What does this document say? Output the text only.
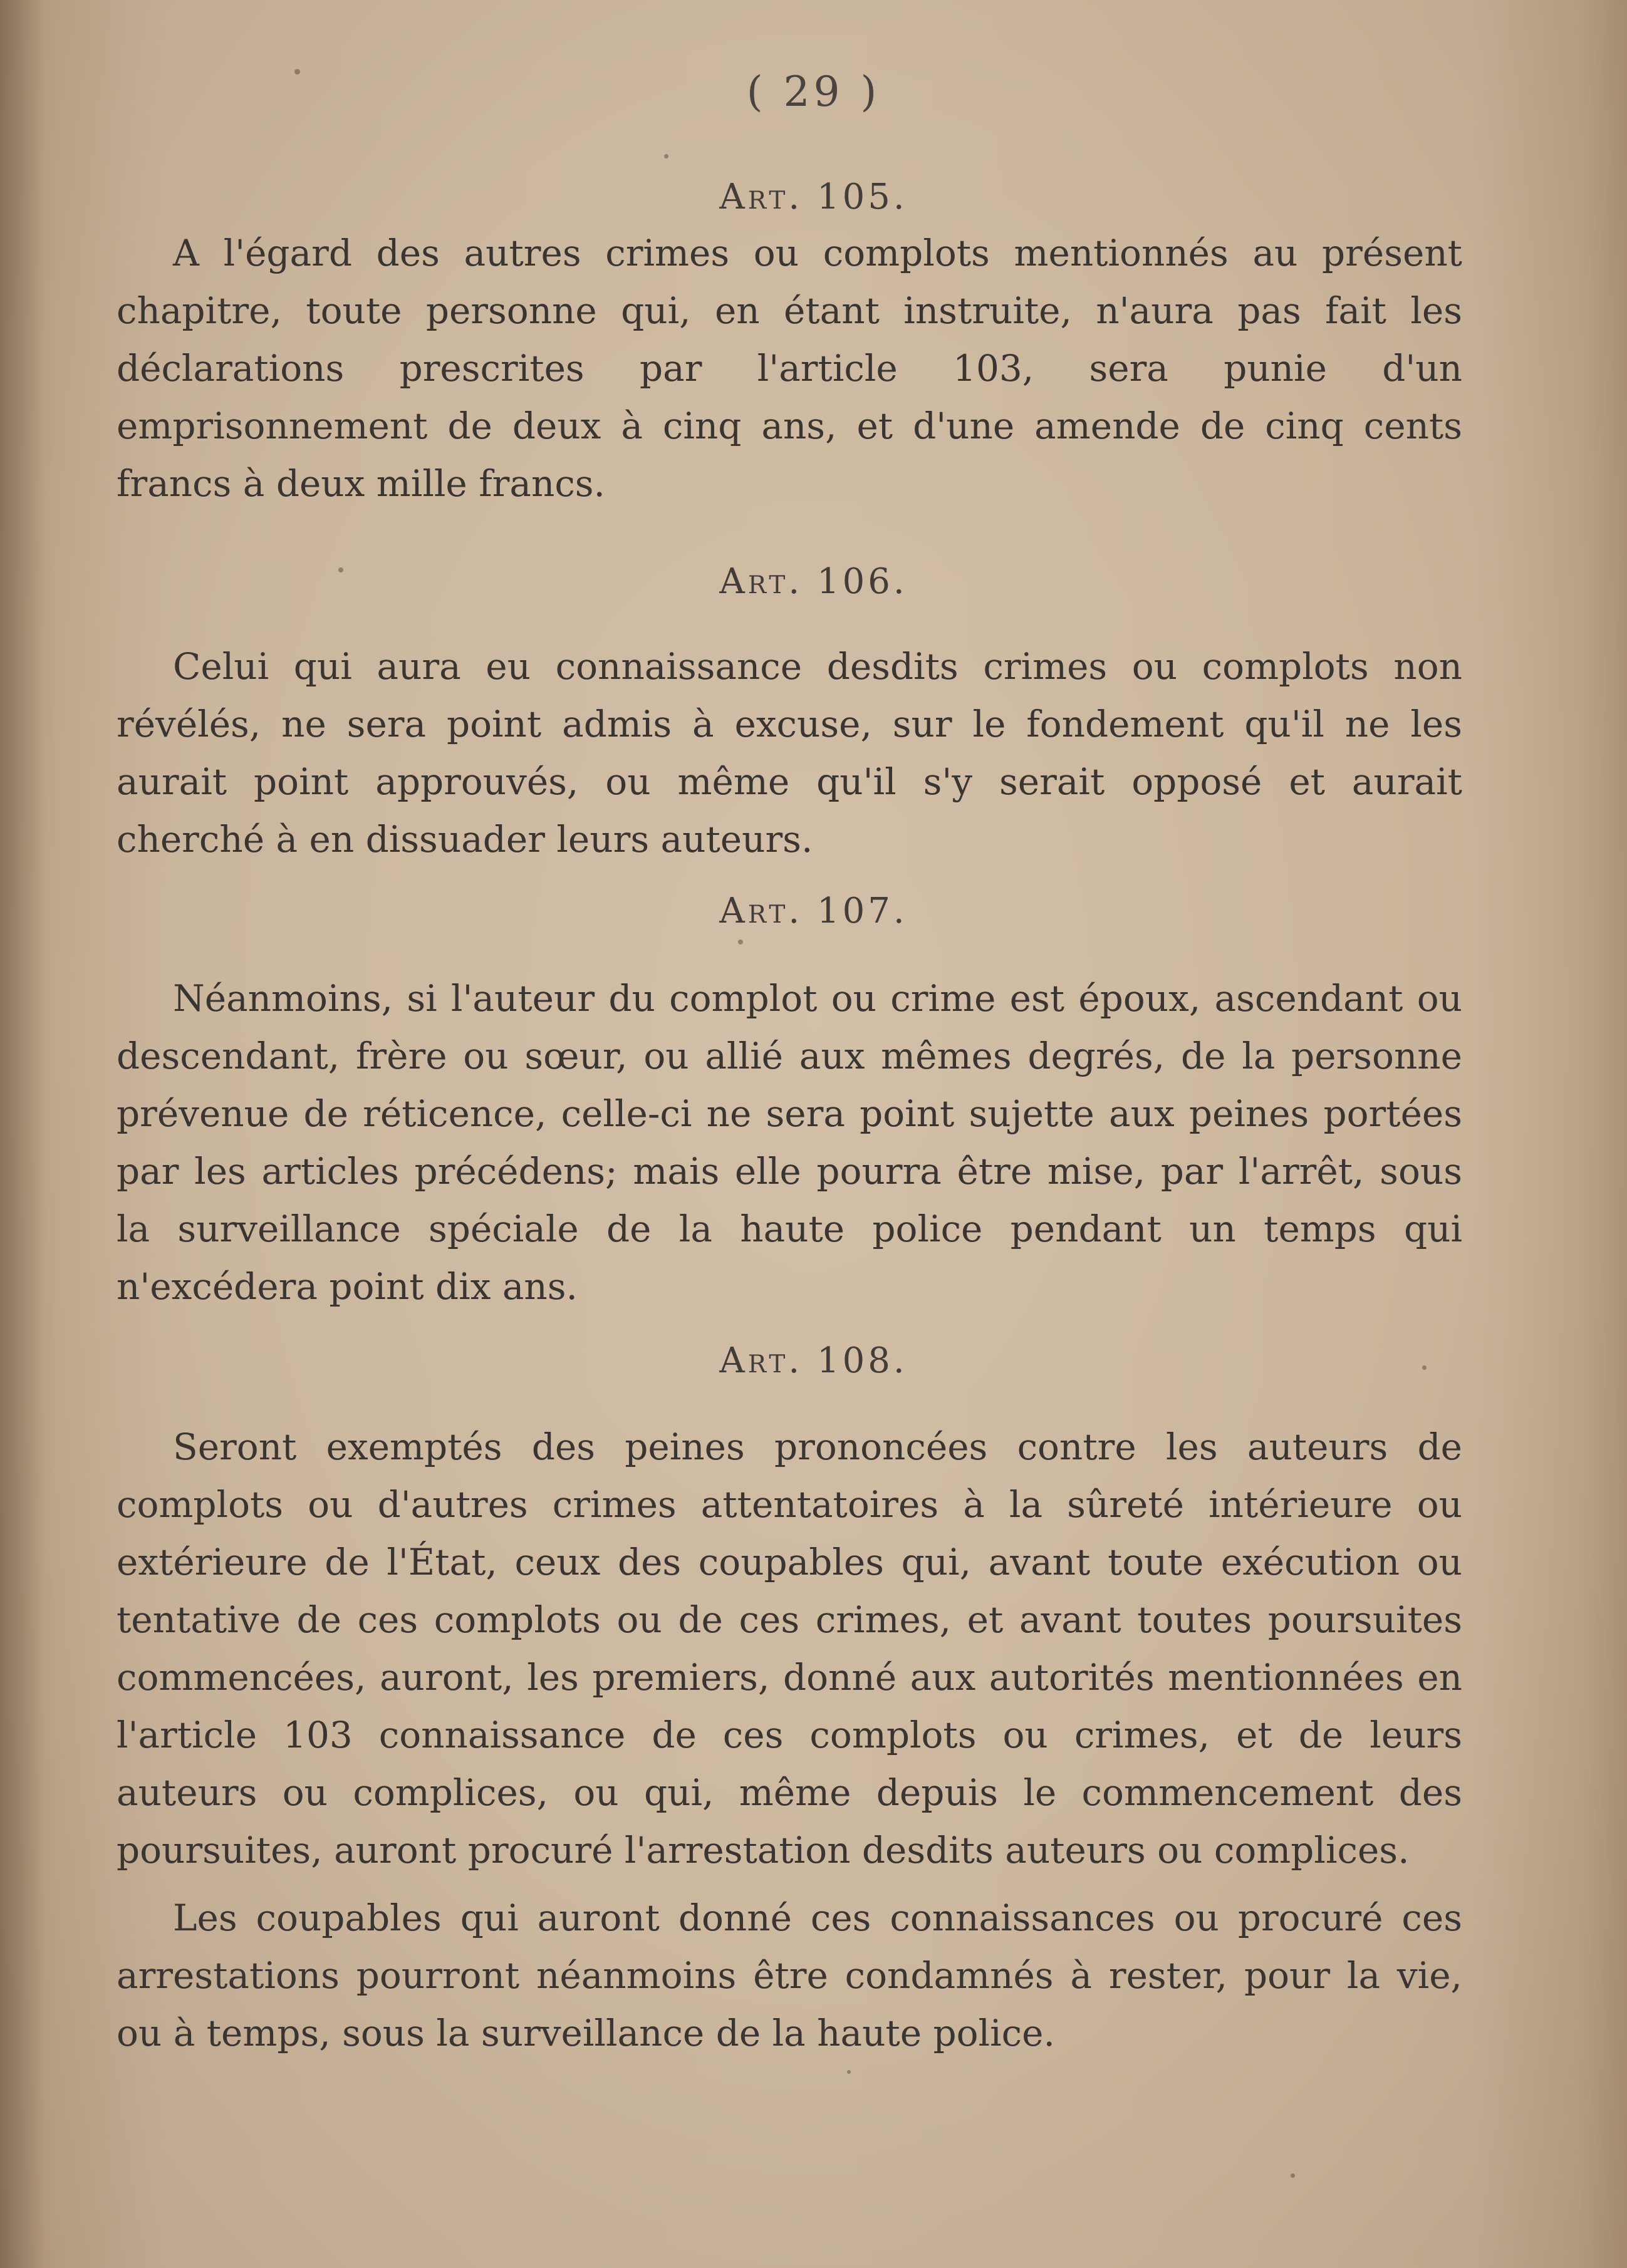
( 29 )
Art. 105.

A l'égard des autres crimes ou complots mentionnés au présent chapitre, toute personne qui, en étant instruite, n'aura pas fait les déclarations prescrites par l'article 103, sera punie d'un emprisonnement de deux à cinq ans, et d'une amende de cinq cents francs à deux mille francs.

Art. 106.

Celui qui aura eu connaissance desdits crimes ou complots non révélés, ne sera point admis à excuse, sur le fondement qu'il ne les aurait point approuvés, ou même qu'il s'y serait opposé et aurait cherché à en dissuader leurs auteurs.

Art. 107.

Néanmoins, si l'auteur du complot ou crime est époux, ascendant ou descendant, frère ou sœur, ou allié aux mêmes degrés, de la personne prévenue de réticence, celle-ci ne sera point sujette aux peines portées par les articles précédens; mais elle pourra être mise, par l'arrêt, sous la surveillance spéciale de la haute police pendant un temps qui n'excédera point dix ans.

Art. 108.

Seront exemptés des peines prononcées contre les auteurs de complots ou d'autres crimes attentatoires à la sûreté intérieure ou extérieure de l'État, ceux des coupables qui, avant toute exécution ou tentative de ces complots ou de ces crimes, et avant toutes poursuites commencées, auront, les premiers, donné aux autorités mentionnées en l'article 103 connaissance de ces complots ou crimes, et de leurs auteurs ou complices, ou qui, même depuis le commencement des poursuites, auront procuré l'arrestation desdits auteurs ou complices.

Les coupables qui auront donné ces connaissances ou procuré ces arrestations pourront néanmoins être condamnés à rester, pour la vie, ou à temps, sous la surveillance de la haute police.
